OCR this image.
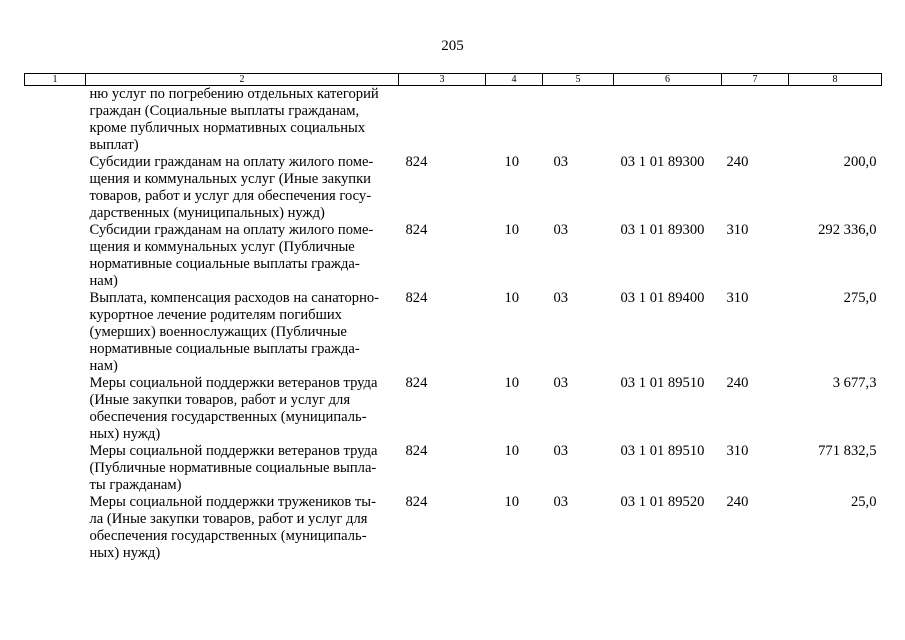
205
1	2	3	4	5	6	7	8

	ню услуг по погребению отдельных категорий
граждан (Социальные выплаты гражданам,
кроме публичных нормативных социальных
выплат)						

	Субсидии гражданам на оплату жилого поме-
щения и коммунальных услуг (Иные закупки
товаров, работ и услуг для обеспечения госу-
дарственных (муниципальных) нужд)	824	10	03	03 1 01 89300	240	200,0

	Субсидии гражданам на оплату жилого поме-
щения и коммунальных услуг (Публичные
нормативные социальные выплаты гражда-
нам)	824	10	03	03 1 01 89300	310	292 336,0

	Выплата, компенсация расходов на санаторно-
курортное лечение родителям погибших
(умерших) военнослужащих (Публичные
нормативные социальные выплаты гражда-
нам)	824	10	03	03 1 01 89400	310	275,0

	Меры социальной поддержки ветеранов труда
(Иные закупки товаров, работ и услуг для
обеспечения государственных (муниципаль-
ных) нужд)	824	10	03	03 1 01 89510	240	3 677,3

	Меры социальной поддержки ветеранов труда
(Публичные нормативные социальные выпла-
ты гражданам)	824	10	03	03 1 01 89510	310	771 832,5

	Меры социальной поддержки тружеников ты-
ла (Иные закупки товаров, работ и услуг для
обеспечения государственных (муниципаль-
ных) нужд)	824	10	03	03 1 01 89520	240	25,0
